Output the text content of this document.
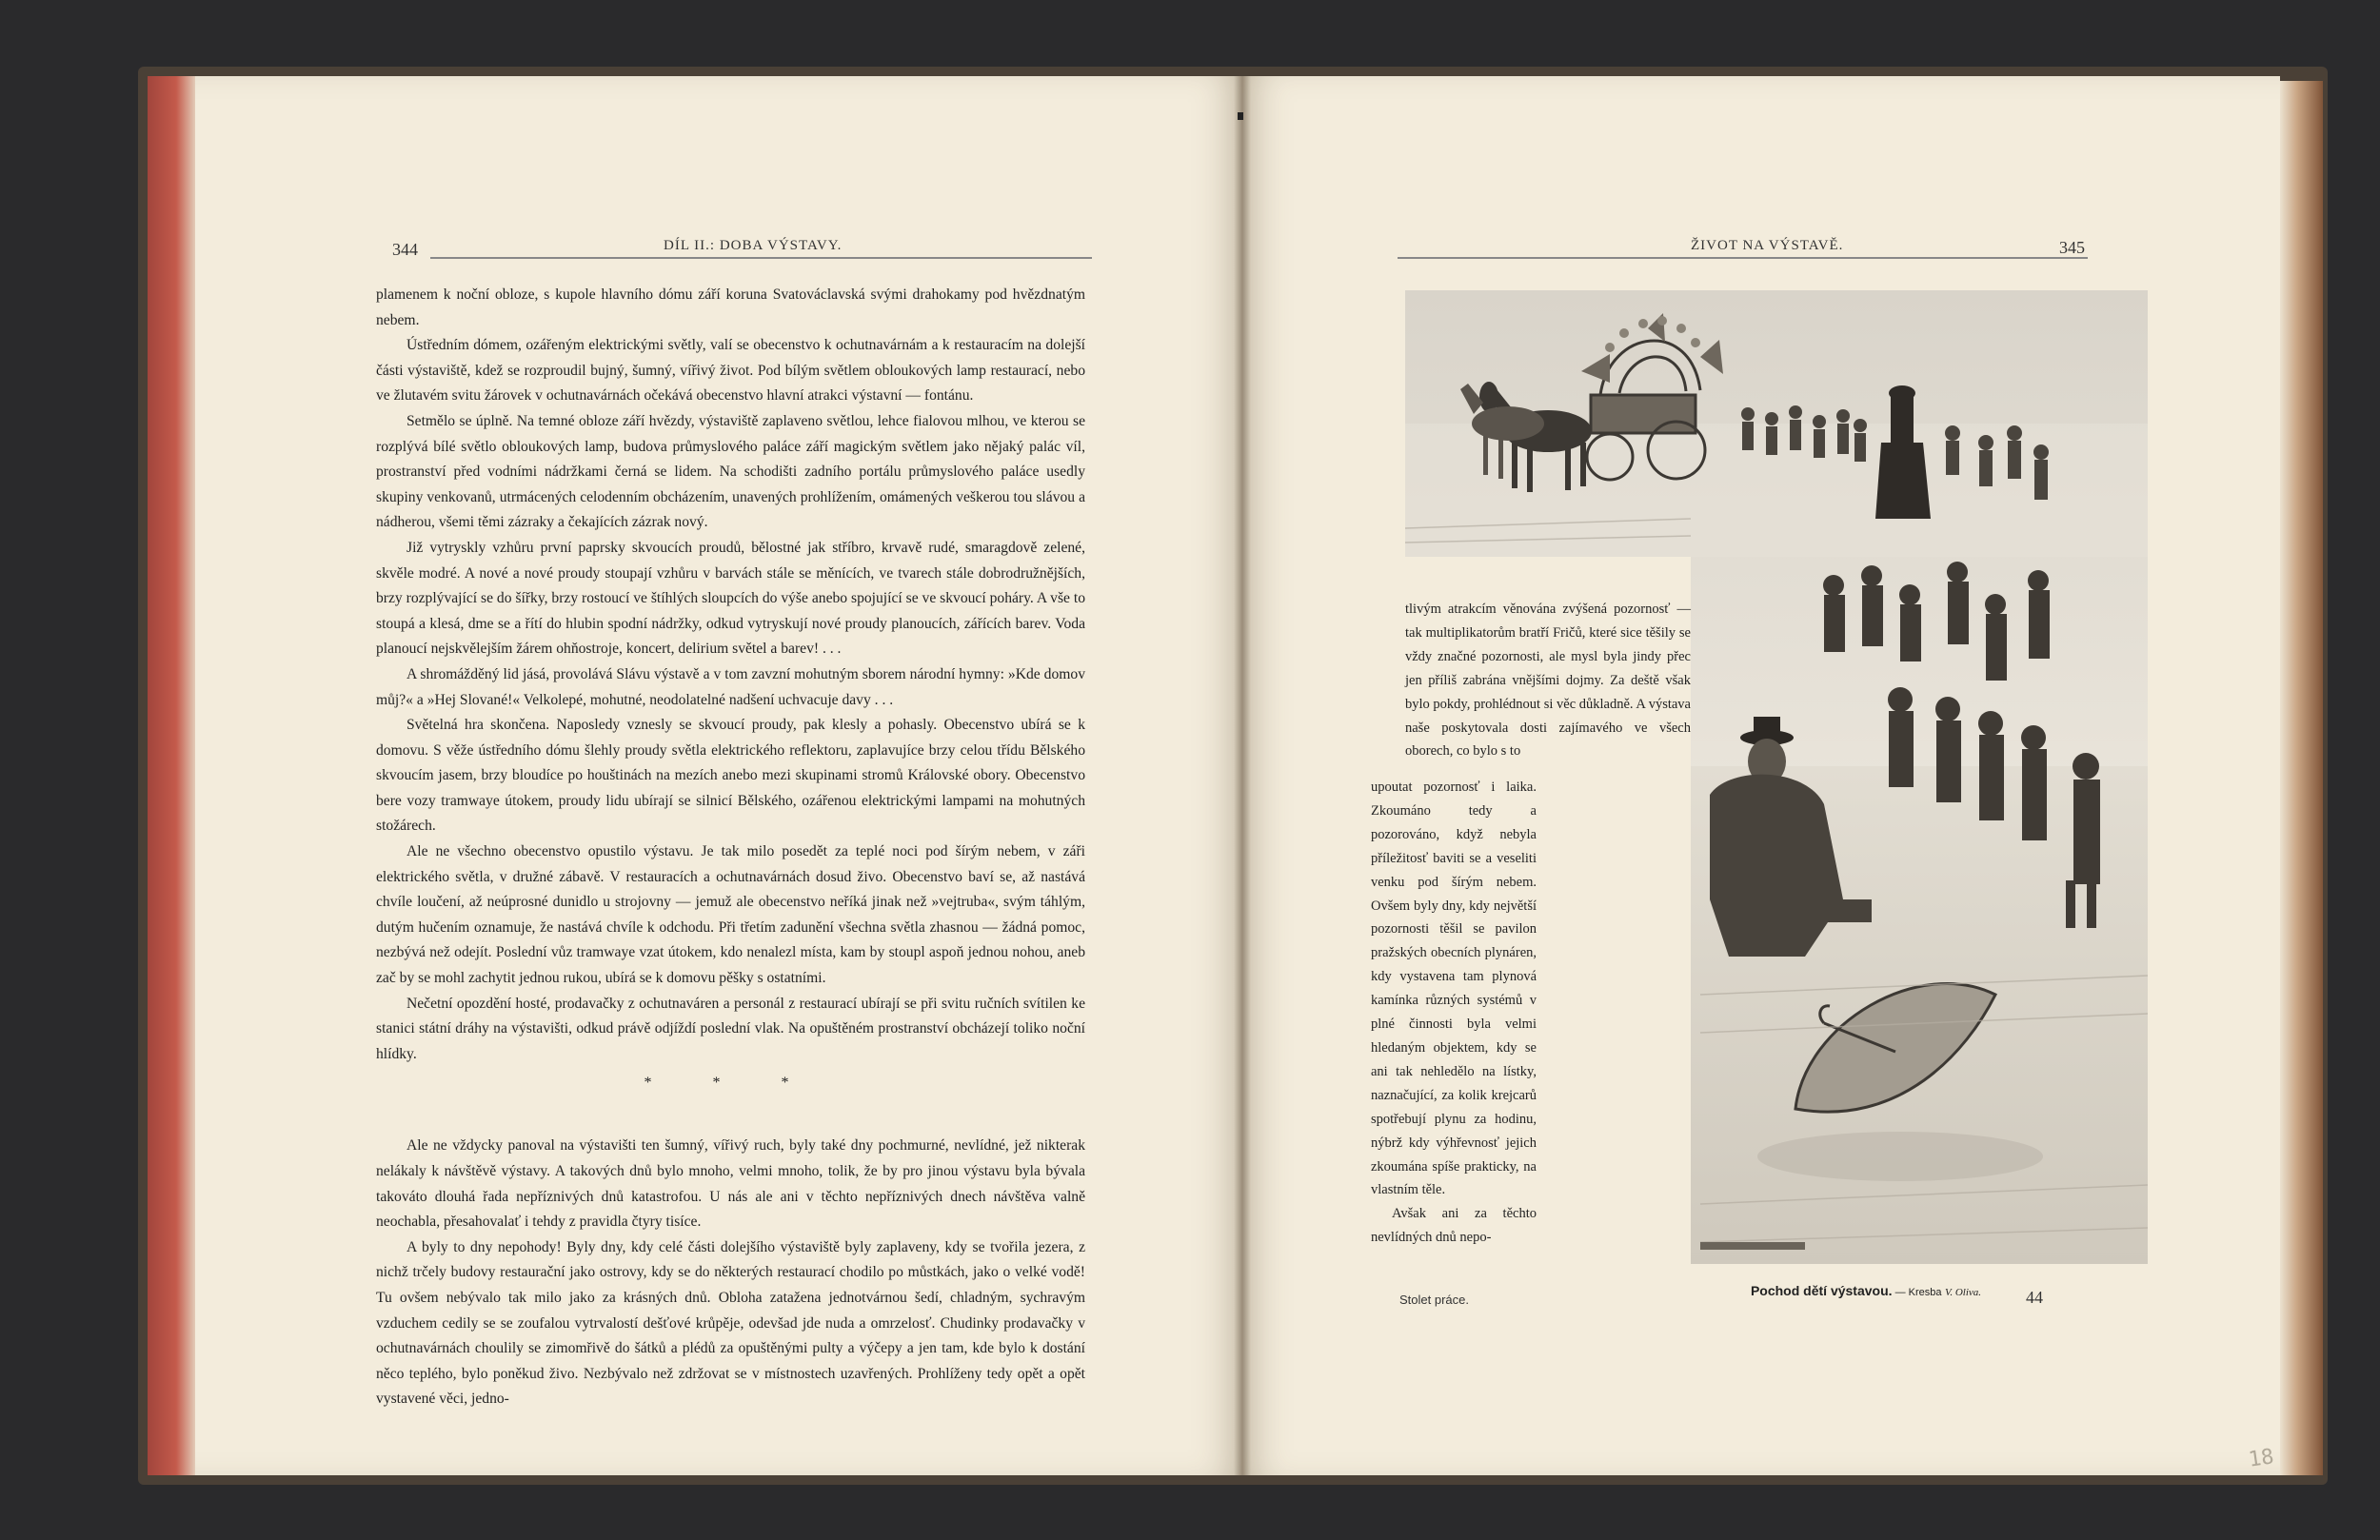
344	DÍL II.: DOBA VÝSTAVY.

plamenem k noční obloze, s kupole hlavního dómu září koruna Svatováclavská svými drahokamy pod hvězdnatým nebem.

Ústředním dómem, ozářeným elektrickými světly, valí se obecenstvo k ochutnavárnám a k restauracím na dolejší části výstaviště, kdež se rozproudil bujný, šumný, vířivý život. Pod bílým světlem obloukových lamp restaurací, nebo ve žlutavém svitu žárovek v ochutnavárnách očekává obecenstvo hlavní atrakci výstavní — fontánu.

Setmělo se úplně. Na temné obloze září hvězdy, výstaviště zaplaveno světlou, lehce fialovou mlhou, ve kterou se rozplývá bílé světlo obloukových lamp, budova průmyslového paláce září magickým světlem jako nějaký palác víl, prostranství před vodními nádržkami černá se lidem. Na schodišti zadního portálu průmyslového paláce usedly skupiny venkovanů, utrmácených celodenním obcházením, unavených prohlížením, omámených veškerou tou slávou a nádherou, všemi těmi zázraky a čekajících zázrak nový.

Již vytryskly vzhůru první paprsky skvoucích proudů, bělostné jak stříbro, krvavě rudé, smaragdově zelené, skvěle modré. A nové a nové proudy stoupají vzhůru v barvách stále se měnících, ve tvarech stále dobrodružnějších, brzy rozplývající se do šířky, brzy rostoucí ve štíhlých sloupcích do výše anebo spojující se ve skvoucí poháry. A vše to stoupá a klesá, dme se a řítí do hlubin spodní nádržky, odkud vytryskují nové proudy planoucích, zářících barev. Voda planoucí nejskvělejším žárem ohňostroje, koncert, delirium světel a barev! . . .

A shromážděný lid jásá, provolává Slávu výstavě a v tom zavzní mohutným sborem národní hymny: »Kde domov můj?« a »Hej Slované!« Velkolepé, mohutné, neodolatelné nadšení uchvacuje davy . . .

Světelná hra skončena. Naposledy vznesly se skvoucí proudy, pak klesly a pohasly. Obecenstvo ubírá se k domovu. S věže ústředního dómu šlehly proudy světla elektrického reflektoru, zaplavujíce brzy celou třídu Bělského skvoucím jasem, brzy bloudíce po houštinách na mezích anebo mezi skupinami stromů Královské obory. Obecenstvo bere vozy tramwaye útokem, proudy lidu ubírají se silnicí Bělského, ozářenou elektrickými lampami na mohutných stožárech.

Ale ne všechno obecenstvo opustilo výstavu. Je tak milo posedět za teplé noci pod šírým nebem, v záři elektrického světla, v družné zábavě. V restauracích a ochutnavárnách dosud živo. Obecenstvo baví se, až nastává chvíle loučení, až neúprosné dunidlo u strojovny — jemuž ale obecenstvo neříká jinak než »vejtruba«, svým táhlým, dutým hučením oznamuje, že nastává chvíle k odchodu. Při třetím zadunění všechna světla zhasnou — žádná pomoc, nezbývá než odejít. Poslední vůz tramwaye vzat útokem, kdo nenalezl místa, kam by stoupl aspoň jednou nohou, aneb zač by se mohl zachytit jednou rukou, ubírá se k domovu pěšky s ostatními.

Nečetní opozdění hosté, prodavačky z ochutnaváren a personál z restaurací ubírají se při svitu ručních svítilen ke stanici státní dráhy na výstavišti, odkud právě odjíždí poslední vlak. Na opuštěném prostranství obcházejí toliko noční hlídky.

* * *

Ale ne vždycky panoval na výstavišti ten šumný, vířivý ruch, byly také dny pochmurné, nevlídné, jež nikterak nelákaly k návštěvě výstavy. A takových dnů bylo mnoho, velmi mnoho, tolik, že by pro jinou výstavu byla bývala takováto dlouhá řada nepříznivých dnů katastrofou. U nás ale ani v těchto nepříznivých dnech návštěva valně neochabla, přesahovalať i tehdy z pravidla čtyry tisíce.

A byly to dny nepohody! Byly dny, kdy celé části dolejšího výstaviště byly zaplaveny, kdy se tvořila jezera, z nichž trčely budovy restaurační jako ostrovy, kdy se do některých restaurací chodilo po můstkách, jako o velké vodě! Tu ovšem nebývalo tak milo jako za krásných dnů. Obloha zatažena jednotvárnou šedí, chladným, sychravým vzduchem cedily se se zoufalou vytrvalostí dešťové krůpěje, odevšad jde nuda a omrzelosť. Chudinky prodavačky v ochutnavárnách choulily se zimomřivě do šátků a plédů za opuštěnými pulty a výčepy a jen tam, kde bylo k dostání něco teplého, bylo poněkud živo. Nezbývalo než zdržovat se v místnostech uzavřených. Prohlíženy tedy opět a opět vystavené věci, jedno-

ŽIVOT NA VÝSTAVĚ.	345

tlivým atrakcím věnována zvýšená pozornosť — tak multiplikatorům bratří Fričů, které sice těšily se vždy značné pozornosti, ale mysl byla jindy přec jen příliš zabrána vnějšími dojmy. Za deště však bylo pokdy, prohlédnout si věc důkladně. A výstava naše poskytovala dosti zajímavého ve všech oborech, co bylo s to

upoutat pozornosť i laika. Zkoumáno tedy a pozorováno, když nebyla příležitosť baviti se a veseliti venku pod šírým nebem. Ovšem byly dny, kdy největší pozornosti těšil se pavilon pražských obecních plynáren, kdy vystavena tam plynová kamínka různých systémů v plné činnosti byla velmi hledaným objektem, kdy se ani tak nehledělo na lístky, naznačující, za kolik krejcarů spotřebují plynu za hodinu, nýbrž kdy výhřevnosť jejich zkoumána spíše prakticky, na vlastním těle.

Avšak ani za těchto nevlídných dnů nepo-

Stolet práce.
Pochod dětí výstavou. — Kresba V. Oliva.	44
18
